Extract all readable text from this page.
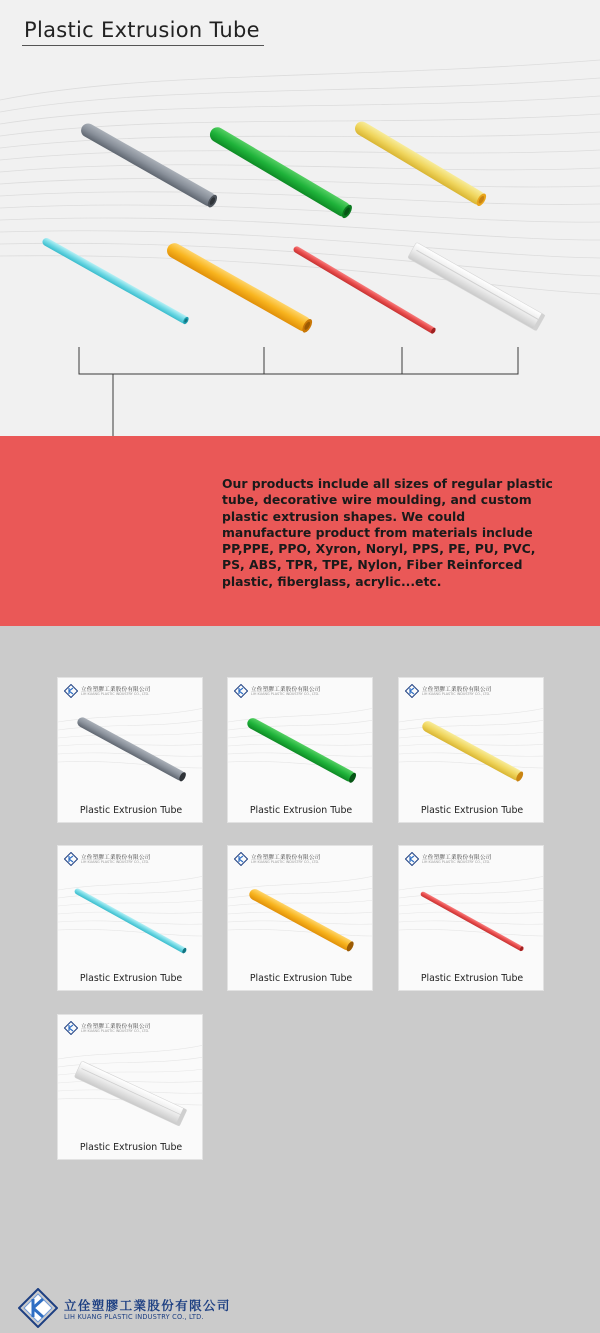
Plastic Extrusion Tube

Our products include all sizes of regular plastic tube, decorative wire moulding, and custom plastic extrusion shapes. We could manufacture product from materials include PP,PPE, PPO, Xyron, Noryl, PPS, PE, PU, PVC, PS, ABS, TPR, TPE, Nylon, Fiber Reinforced plastic, fiberglass, acrylic...etc.

立佺塑膠工業股份有限公司
LIH KUANG PLASTIC INDUSTRY CO., LTD.
Plastic Extrusion Tube
立佺塑膠工業股份有限公司
LIH KUANG PLASTIC INDUSTRY CO., LTD.
Plastic Extrusion Tube
立佺塑膠工業股份有限公司
LIH KUANG PLASTIC INDUSTRY CO., LTD.
Plastic Extrusion Tube
立佺塑膠工業股份有限公司
LIH KUANG PLASTIC INDUSTRY CO., LTD.
Plastic Extrusion Tube
立佺塑膠工業股份有限公司
LIH KUANG PLASTIC INDUSTRY CO., LTD.
Plastic Extrusion Tube
立佺塑膠工業股份有限公司
LIH KUANG PLASTIC INDUSTRY CO., LTD.
Plastic Extrusion Tube
立佺塑膠工業股份有限公司
LIH KUANG PLASTIC INDUSTRY CO., LTD.
Plastic Extrusion Tube
立佺塑膠工業股份有限公司
LIH KUANG PLASTIC INDUSTRY CO., LTD.
